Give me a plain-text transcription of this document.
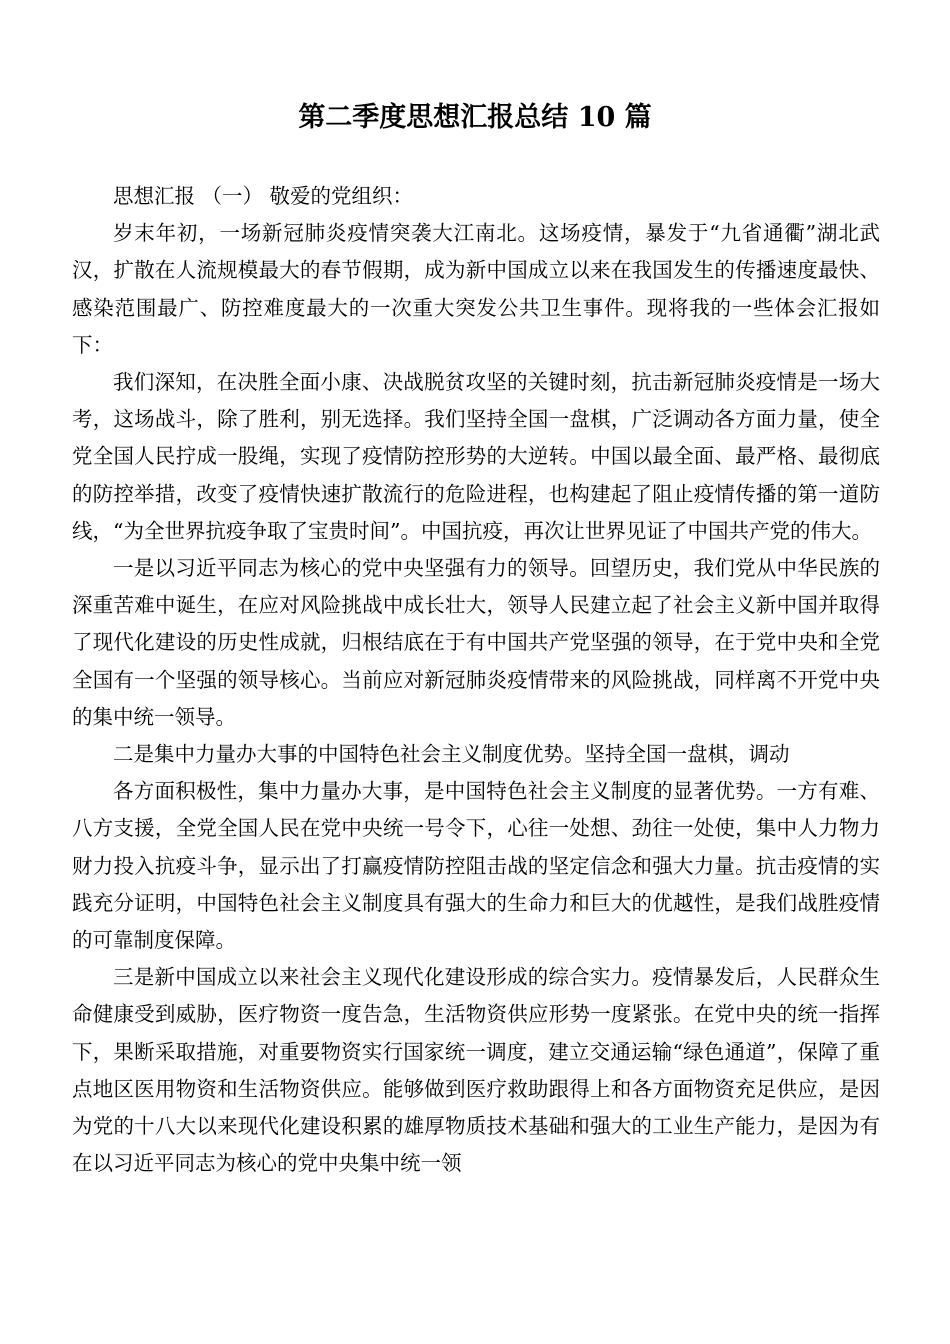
第二季度思想汇报总结 10 篇

思想汇报 （一） 敬爱的党组织：

岁末年初，一场新冠肺炎疫情突袭大江南北。这场疫情，暴发于“九省通衢”湖北武汉，扩散在人流规模最大的春节假期，成为新中国成立以来在我国发生的传播速度最快、感染范围最广、防控难度最大的一次重大突发公共卫生事件。现将我的一些体会汇报如下：

我们深知，在决胜全面小康、决战脱贫攻坚的关键时刻，抗击新冠肺炎疫情是一场大考，这场战斗，除了胜利，别无选择。我们坚持全国一盘棋，广泛调动各方面力量，使全党全国人民拧成一股绳，实现了疫情防控形势的大逆转。中国以最全面、最严格、最彻底的防控举措，改变了疫情快速扩散流行的危险进程，也构建起了阻止疫情传播的第一道防线，“为全世界抗疫争取了宝贵时间”。中国抗疫，再次让世界见证了中国共产党的伟大。

一是以习近平同志为核心的党中央坚强有力的领导。回望历史，我们党从中华民族的深重苦难中诞生，在应对风险挑战中成长壮大，领导人民建立起了社会主义新中国并取得了现代化建设的历史性成就，归根结底在于有中国共产党坚强的领导，在于党中央和全党全国有一个坚强的领导核心。当前应对新冠肺炎疫情带来的风险挑战，同样离不开党中央的集中统一领导。

二是集中力量办大事的中国特色社会主义制度优势。坚持全国一盘棋，调动

各方面积极性，集中力量办大事，是中国特色社会主义制度的显著优势。一方有难、八方支援，全党全国人民在党中央统一号令下，心往一处想、劲往一处使，集中人力物力财力投入抗疫斗争，显示出了打赢疫情防控阻击战的坚定信念和强大力量。抗击疫情的实践充分证明，中国特色社会主义制度具有强大的生命力和巨大的优越性，是我们战胜疫情的可靠制度保障。

三是新中国成立以来社会主义现代化建设形成的综合实力。疫情暴发后，人民群众生命健康受到威胁，医疗物资一度告急，生活物资供应形势一度紧张。在党中央的统一指挥下，果断采取措施，对重要物资实行国家统一调度，建立交通运输“绿色通道”，保障了重点地区医用物资和生活物资供应。能够做到医疗救助跟得上和各方面物资充足供应，是因为党的十八大以来现代化建设积累的雄厚物质技术基础和强大的工业生产能力，是因为有在以习近平同志为核心的党中央集中统一领
